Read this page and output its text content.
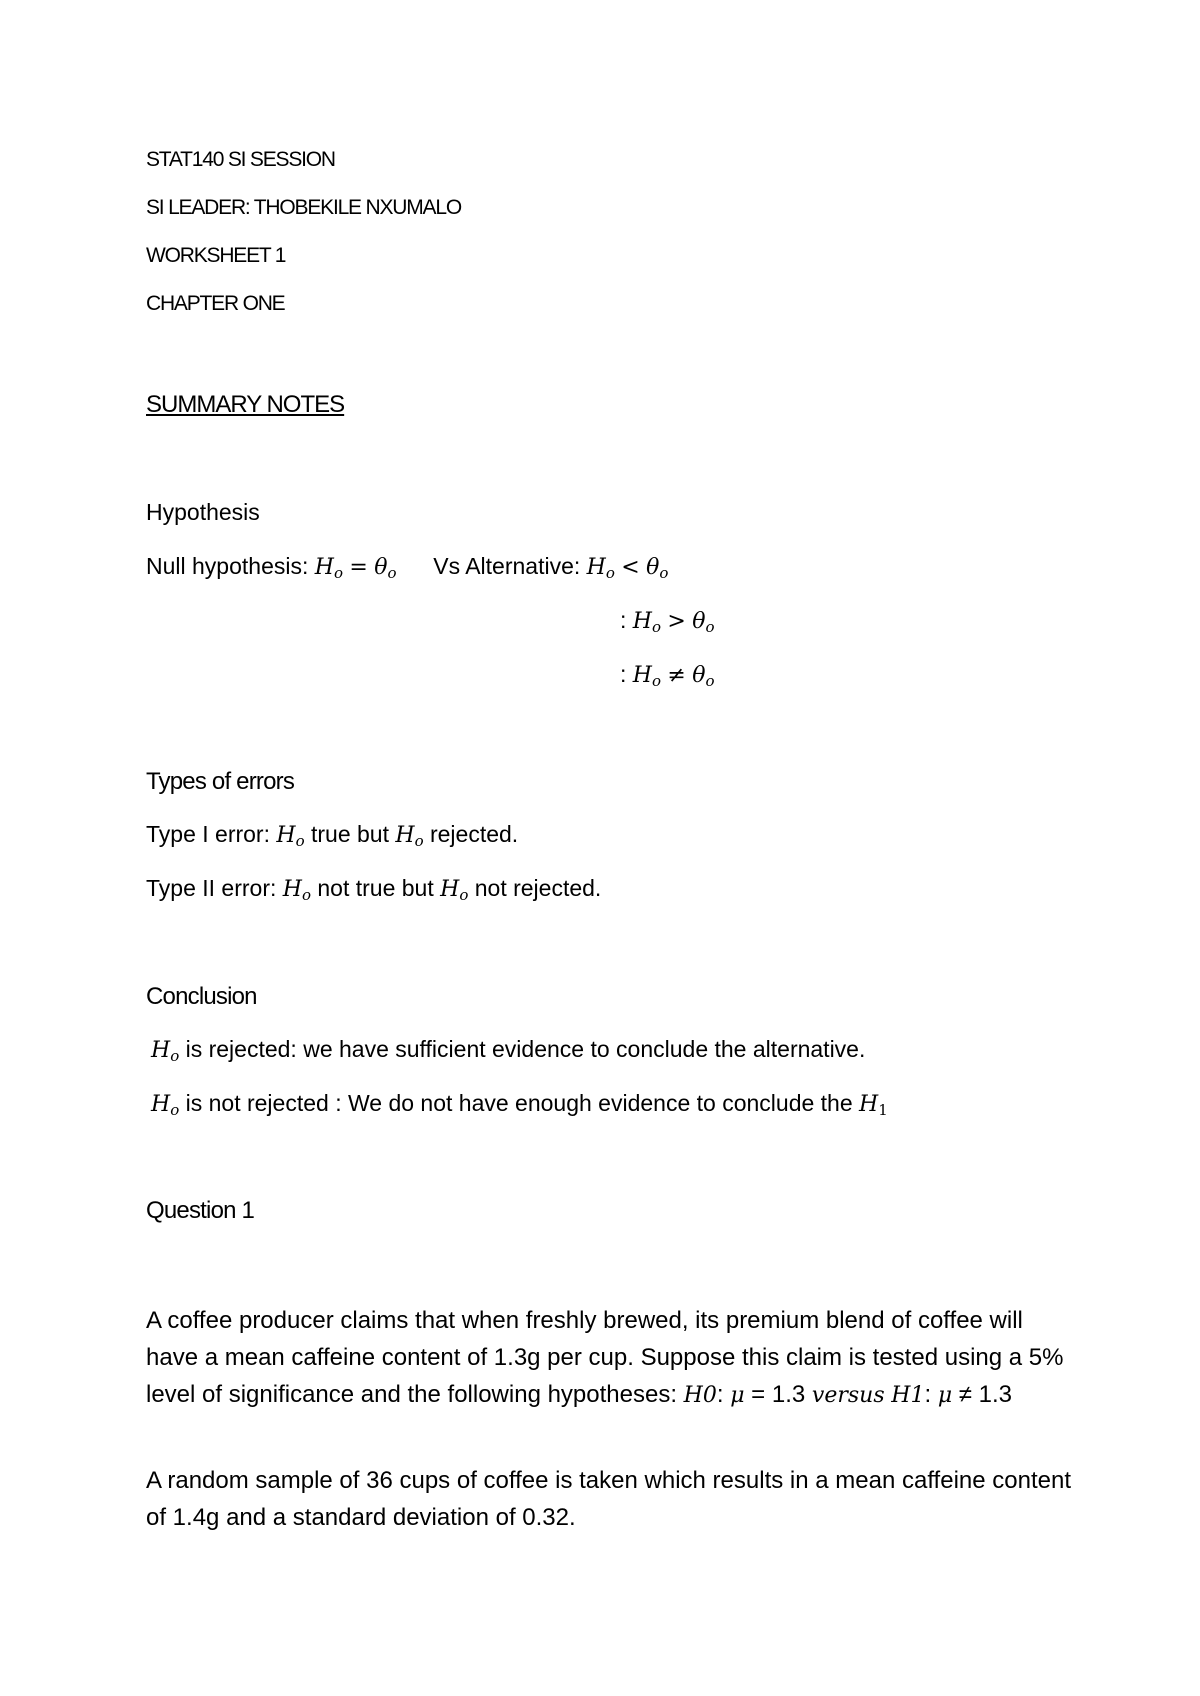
STAT140 SI SESSION
SI LEADER: THOBEKILE NXUMALO
WORKSHEET 1
CHAPTER ONE
SUMMARY NOTES
Hypothesis
Null hypothesis: $H_o = \theta_o$ Vs Alternative: $H_o < \theta_o$
: $H_o > \theta_o$
: $H_o \ne \theta_o$
Types of errors
Type I error: $H_o$ true but $H_o$ rejected.
Type II error: $H_o$ not true but $H_o$ not rejected.
Conclusion
$H_o$ is rejected: we have sufficient evidence to conclude the alternative.
$H_o$ is not rejected : We do not have enough evidence to conclude the $H_1$
Question 1
A coffee producer claims that when freshly brewed, its premium blend of coffee will have a mean caffeine content of 1.3g per cup. Suppose this claim is tested using a 5% level of significance and the following hypotheses: H0: μ = 1.3 versus H1: μ ≠ 1.3
A random sample of 36 cups of coffee is taken which results in a mean caffeine content of 1.4g and a standard deviation of 0.32.
